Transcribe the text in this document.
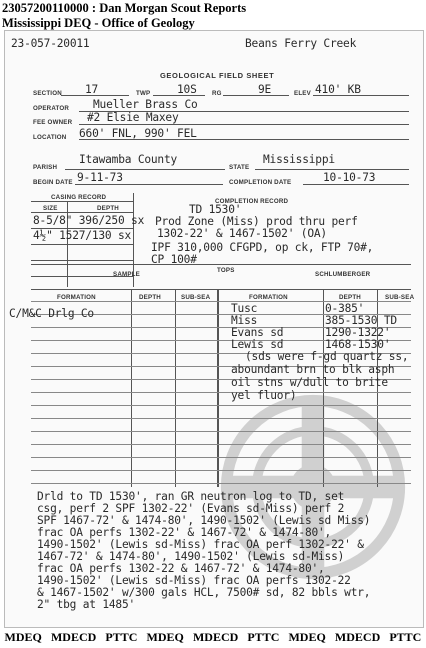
23057200110000 : Dan Morgan Scout Reports
Mississippi DEQ - Office of Geology
23-057-20011	Beans Ferry Creek
GEOLOGICAL FIELD SHEET
SECTION 17	TWP 10S RG	9E	ELEV 410' KB
OPERATOR Mueller Brass Co
FEE OWNER #2 Elsie Maxey
LOCATION 660' FNL, 990' FEL
PARISH
Itawamba County
STATE
Mississippi
BEGIN DATE 9-11-73	COMPLETION DATE	10-10-73
CASING RECORD
COMPLETION RECORD
SIZE	DEPTH
8-5/8" 396/250 sx
4½" 1527/130 sx
TD 1530'
Prod Zone (Miss) prod thru perf
1302-22' & 1467-1502' (OA)
IPF 310,000 CFGPD, op ck, FTP 70#,
CP 100#
SAMPLE
TOPS
SCHLUMBERGER
FORMATION	DEPTH	SUB-SEA	FORMATION	DEPTH	SUB-SEA
C/M&C Drlg Co	Tusc	0-385'
Miss	385-1530 TD
Evans sd	1290-1322'
Lewis sd	1468-1530'
(sds were f-gd quartz ss,
aboundant brn to blk asph
oil stns w/dull to brite
yel fluor)
Drld to TD 1530', ran GR neutron log to TD, set
csg, perf 2 SPF 1302-22' (Evans sd-Miss) perf 2
SPF 1467-72' & 1474-80', 1490-1502' (Lewis sd Miss)
frac OA perfs 1302-22' & 1467-72' & 1474-80',
1490-1502' (Lewis sd-Miss) frac OA perf 1302-22' &
1467-72' & 1474-80', 1490-1502' (Lewis sd-Miss)
frac OA perfs 1302-22 & 1467-72' & 1474-80',
1490-1502' (Lewis sd-Miss) frac OA perfs 1302-22
& 1467-1502' w/300 gals HCL, 7500# sd, 82 bbls wtr,
2" tbg at 1485'
MDEQ MDECD PTTC MDEQ MDECD PTTC MDEQ MDECD PTTC
